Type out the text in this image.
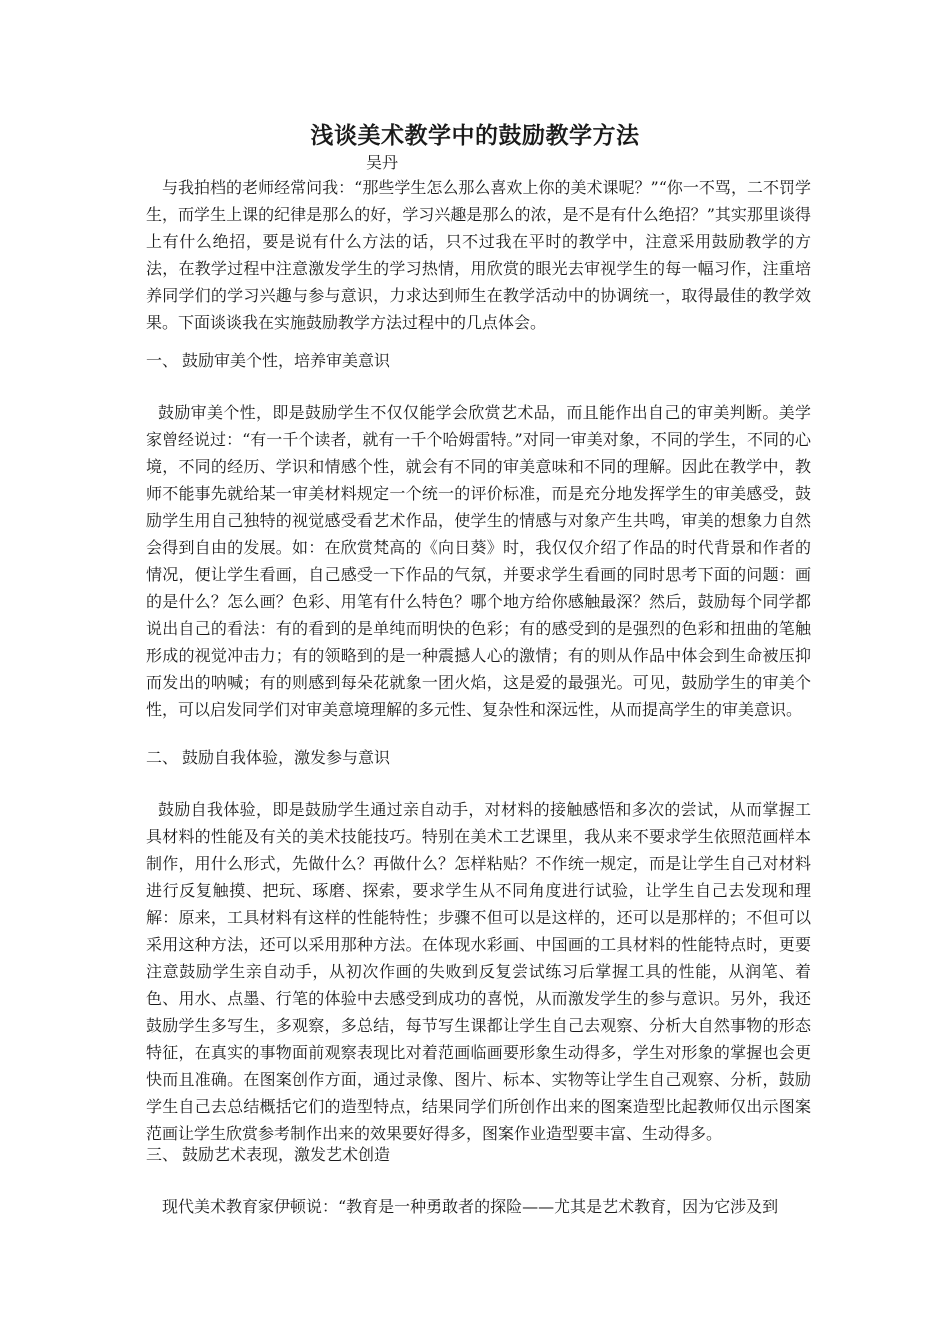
浅谈美术教学中的鼓励教学方法
吴丹

与我拍档的老师经常问我：“那些学生怎么那么喜欢上你的美术课呢？”“你一不骂，二不罚学生，而学生上课的纪律是那么的好，学习兴趣是那么的浓，是不是有什么绝招？”其实那里谈得上有什么绝招，要是说有什么方法的话，只不过我在平时的教学中，注意采用鼓励教学的方法，在教学过程中注意激发学生的学习热情，用欣赏的眼光去审视学生的每一幅习作，注重培养同学们的学习兴趣与参与意识，力求达到师生在教学活动中的协调统一，取得最佳的教学效果。下面谈谈我在实施鼓励教学方法过程中的几点体会。

一、 鼓励审美个性，培养审美意识

鼓励审美个性，即是鼓励学生不仅仅能学会欣赏艺术品，而且能作出自己的审美判断。美学家曾经说过：“有一千个读者，就有一千个哈姆雷特。”对同一审美对象，不同的学生，不同的心境，不同的经历、学识和情感个性，就会有不同的审美意味和不同的理解。因此在教学中，教师不能事先就给某一审美材料规定一个统一的评价标准，而是充分地发挥学生的审美感受，鼓励学生用自己独特的视觉感受看艺术作品，使学生的情感与对象产生共鸣，审美的想象力自然会得到自由的发展。如：在欣赏梵高的《向日葵》时，我仅仅介绍了作品的时代背景和作者的情况，便让学生看画，自己感受一下作品的气氛，并要求学生看画的同时思考下面的问题：画的是什么？怎么画？色彩、用笔有什么特色？哪个地方给你感触最深？然后，鼓励每个同学都说出自己的看法：有的看到的是单纯而明快的色彩；有的感受到的是强烈的色彩和扭曲的笔触形成的视觉冲击力；有的领略到的是一种震撼人心的激情；有的则从作品中体会到生命被压抑而发出的呐喊；有的则感到每朵花就象一团火焰，这是爱的最强光。可见，鼓励学生的审美个性，可以启发同学们对审美意境理解的多元性、复杂性和深远性，从而提高学生的审美意识。

二、 鼓励自我体验，激发参与意识

鼓励自我体验，即是鼓励学生通过亲自动手，对材料的接触感悟和多次的尝试，从而掌握工具材料的性能及有关的美术技能技巧。特别在美术工艺课里，我从来不要求学生依照范画样本制作，用什么形式，先做什么？再做什么？怎样粘贴？不作统一规定，而是让学生自己对材料进行反复触摸、把玩、琢磨、探索，要求学生从不同角度进行试验，让学生自己去发现和理解：原来，工具材料有这样的性能特性；步骤不但可以是这样的，还可以是那样的；不但可以采用这种方法，还可以采用那种方法。在体现水彩画、中国画的工具材料的性能特点时，更要注意鼓励学生亲自动手，从初次作画的失败到反复尝试练习后掌握工具的性能，从润笔、着色、用水、点墨、行笔的体验中去感受到成功的喜悦，从而激发学生的参与意识。另外，我还鼓励学生多写生，多观察，多总结，每节写生课都让学生自己去观察、分析大自然事物的形态特征，在真实的事物面前观察表现比对着范画临画要形象生动得多，学生对形象的掌握也会更快而且准确。在图案创作方面，通过录像、图片、标本、实物等让学生自己观察、分析，鼓励学生自己去总结概括它们的造型特点，结果同学们所创作出来的图案造型比起教师仅出示图案范画让学生欣赏参考制作出来的效果要好得多，图案作业造型要丰富、生动得多。

三、 鼓励艺术表现，激发艺术创造

现代美术教育家伊顿说：“教育是一种勇敢者的探险——尤其是艺术教育，因为它涉及到
